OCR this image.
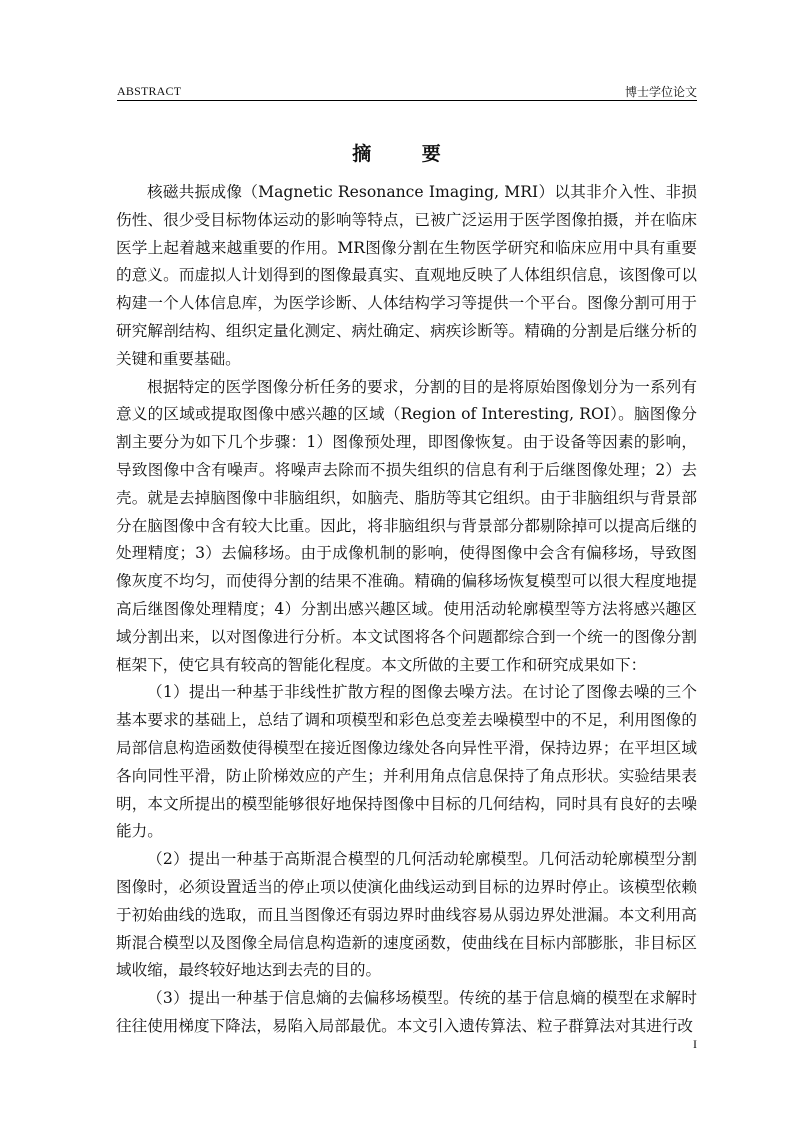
ABSTRACT	博士学位论文
摘 要

核磁共振成像（Magnetic Resonance Imaging, MRI）以其非介入性、非损伤性、很少受目标物体运动的影响等特点，已被广泛运用于医学图像拍摄，并在临床医学上起着越来越重要的作用。MR图像分割在生物医学研究和临床应用中具有重要的意义。而虚拟人计划得到的图像最真实、直观地反映了人体组织信息，该图像可以构建一个人体信息库，为医学诊断、人体结构学习等提供一个平台。图像分割可用于研究解剖结构、组织定量化测定、病灶确定、病疾诊断等。精确的分割是后继分析的关键和重要基础。

根据特定的医学图像分析任务的要求，分割的目的是将原始图像划分为一系列有意义的区域或提取图像中感兴趣的区域（Region of Interesting, ROI）。脑图像分割主要分为如下几个步骤：1）图像预处理，即图像恢复。由于设备等因素的影响，导致图像中含有噪声。将噪声去除而不损失组织的信息有利于后继图像处理；2）去壳。就是去掉脑图像中非脑组织，如脑壳、脂肪等其它组织。由于非脑组织与背景部分在脑图像中含有较大比重。因此，将非脑组织与背景部分都剔除掉可以提高后继的处理精度；3）去偏移场。由于成像机制的影响，使得图像中会含有偏移场，导致图像灰度不均匀，而使得分割的结果不准确。精确的偏移场恢复模型可以很大程度地提高后继图像处理精度；4）分割出感兴趣区域。使用活动轮廓模型等方法将感兴趣区域分割出来，以对图像进行分析。本文试图将各个问题都综合到一个统一的图像分割框架下，使它具有较高的智能化程度。本文所做的主要工作和研究成果如下：

（1）提出一种基于非线性扩散方程的图像去噪方法。在讨论了图像去噪的三个基本要求的基础上，总结了调和项模型和彩色总变差去噪模型中的不足，利用图像的局部信息构造函数使得模型在接近图像边缘处各向异性平滑，保持边界；在平坦区域各向同性平滑，防止阶梯效应的产生；并利用角点信息保持了角点形状。实验结果表明，本文所提出的模型能够很好地保持图像中目标的几何结构，同时具有良好的去噪能力。

（2）提出一种基于高斯混合模型的几何活动轮廓模型。几何活动轮廓模型分割图像时，必须设置适当的停止项以使演化曲线运动到目标的边界时停止。该模型依赖于初始曲线的选取，而且当图像还有弱边界时曲线容易从弱边界处泄漏。本文利用高斯混合模型以及图像全局信息构造新的速度函数，使曲线在目标内部膨胀，非目标区域收缩，最终较好地达到去壳的目的。

（3）提出一种基于信息熵的去偏移场模型。传统的基于信息熵的模型在求解时往往使用梯度下降法，易陷入局部最优。本文引入遗传算法、粒子群算法对其进行改

I
